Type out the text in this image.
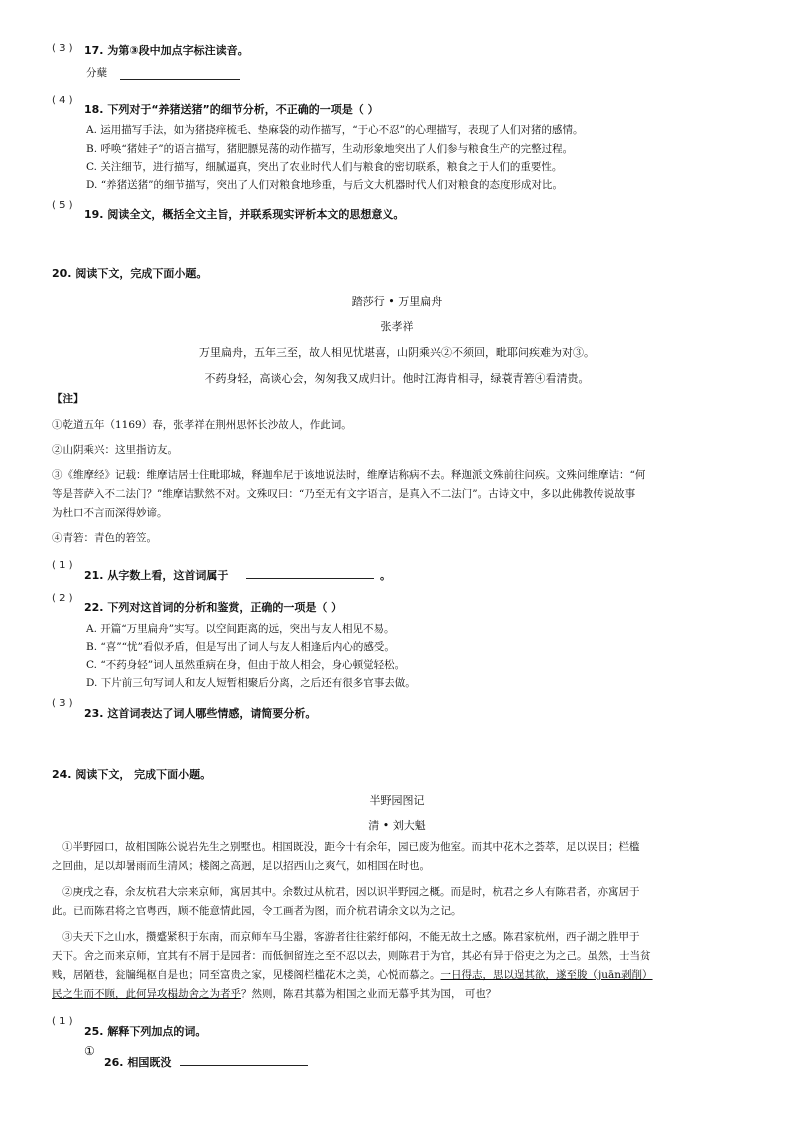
( 3 ) 17. 为第③段中加点字标注读音。
分蘖
( 4 )
18. 下列对于“养猪送猪”的细节分析，不正确的一项是（ ）
A. 运用描写手法，如为猪挠痒梳毛、垫麻袋的动作描写，“于心不忍”的心理描写，表现了人们对猪的感情。
B. 呼唤“猪娃子”的语言描写，猪肥膘晃荡的动作描写，生动形象地突出了人们参与粮食生产的完整过程。
C. 关注细节，进行描写，细腻逼真，突出了农业时代人们与粮食的密切联系，粮食之于人们的重要性。
D. “养猪送猪”的细节描写，突出了人们对粮食地珍重，与后文大机器时代人们对粮食的态度形成对比。
( 5 )
19. 阅读全文，概括全文主旨，并联系现实评析本文的思想意义。
20. 阅读下文，完成下面小题。
踏莎行 • 万里扁舟
张孝祥
万里扁舟，五年三至，故人相见忧堪喜，山阴乘兴②不须回，毗耶问疾难为对③。
不药身轻，高谈心会，匆匆我又成归计。他时江海肯相寻，绿蓑青箬④看清贵。
【注】
①乾道五年（1169）春，张孝祥在荆州思怀长沙故人，作此词。
②山阴乘兴：这里指访友。
③《维摩经》记载：维摩诘居士住毗耶城，释迦牟尼于该地说法时，维摩诘称病不去。释迦派文殊前往问疾。文殊问维摩诘：“何
等是菩萨入不二法门？”维摩诘默然不对。文殊叹曰：“乃至无有文字语言，是真入不二法门”。古诗文中，多以此佛教传说故事
为杜口不言而深得妙谛。
④青箬：青色的箬笠。
( 1 )
21. 从字数上看，这首词属于	。
( 2 )
22. 下列对这首词的分析和鉴赏，正确的一项是（ ）
A. 开篇“万里扁舟”实写。以空间距离的远，突出与友人相见不易。
B. “喜”“忧”看似矛盾，但是写出了词人与友人相逢后内心的感受。
C. “不药身轻”词人虽然重病在身，但由于故人相会，身心顿觉轻松。
D. 下片前三句写词人和友人短暂相聚后分离，之后还有很多官事去做。
( 3 )
23. 这首词表达了词人哪些情感，请简要分析。
24. 阅读下文， 完成下面小题。
半野园图记
清 • 刘大魁
①半野园口，故相国陈公说岩先生之别墅也。相国既没，距今十有余年，园已废为他室。而其中花木之荟萃，足以误目；栏槛
之回曲，足以却暑雨而生清风；楼阁之高迥，足以招西山之爽气，如相国在时也。
②庚戌之春，余友杭君大宗来京师，寓居其中。余数过从杭君，因以识半野园之概。而是时，杭君之乡人有陈君者，亦寓居于
此。已而陈君将之官粤西，顾不能意情此园，令工画者为图，而介杭君请余文以为之记。
③夫天下之山水，攒蹙紧积于东南，而京师车马尘嚣，客游者往往萦纡郁闷，不能无故土之感。陈君家杭州，西子湖之胜甲于
天下。舍之而来京师，宜其有不屑于是园者：而低徊留连之至不忍以去，则陈君于为官，其必有异于俗吏之为之己。虽然，士当贫
贱，居陋巷，瓮牖绳枢自是也；同至富贵之家，见楼阁栏槛花木之美，心悦而慕之。一日得志，思以逞其欲，遂至朘（juān剥削）
民之生而不顾，此何异攻榻劫舍之为者乎？然则，陈君其慕为相国之业而无慕乎其为国， 可也？
( 1 )
25. 解释下列加点的词。
①
26. 相国既没
